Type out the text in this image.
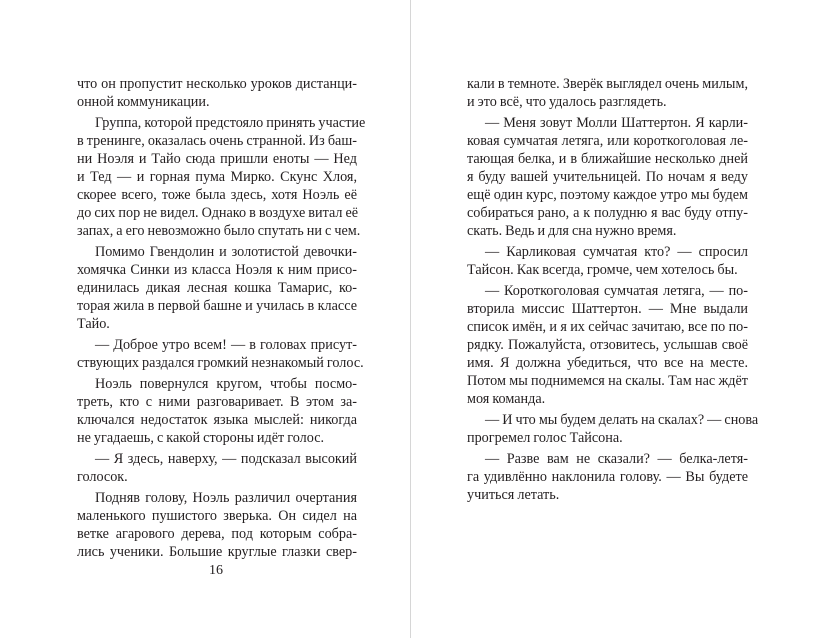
что он пропустит несколько уроков дистанци-
онной коммуникации.
Группа, которой предстояло принять участие
в тренинге, оказалась очень странной. Из баш-
ни Ноэля и Тайо сюда пришли еноты — Нед
и Тед — и горная пума Мирко. Скунс Хлоя,
скорее всего, тоже была здесь, хотя Ноэль её
до сих пор не видел. Однако в воздухе витал её
запах, а его невозможно было спутать ни с чем.
Помимо Гвендолин и золотистой девочки-
хомячка Синки из класса Ноэля к ним присо-
единилась дикая лесная кошка Тамарис, ко-
торая жила в первой башне и училась в классе
Тайо.
— Доброе утро всем! — в головах присут-
ствующих раздался громкий незнакомый голос.
Ноэль повернулся кругом, чтобы посмо-
треть, кто с ними разговаривает. В этом за-
ключался недостаток языка мыслей: никогда
не угадаешь, с какой стороны идёт голос.
— Я здесь, наверху, — подсказал высокий
голосок.
Подняв голову, Ноэль различил очертания
маленького пушистого зверька. Он сидел на
ветке агарового дерева, под которым собра-
лись ученики. Большие круглые глазки свер-
кали в темноте. Зверёк выглядел очень милым,
и это всё, что удалось разглядеть.
— Меня зовут Молли Шаттертон. Я карли-
ковая сумчатая летяга, или короткоголовая ле-
тающая белка, и в ближайшие несколько дней
я буду вашей учительницей. По ночам я веду
ещё один курс, поэтому каждое утро мы будем
собираться рано, а к полудню я вас буду отпу-
скать. Ведь и для сна нужно время.
— Карликовая сумчатая кто? — спросил
Тайсон. Как всегда, громче, чем хотелось бы.
— Короткоголовая сумчатая летяга, — по-
вторила миссис Шаттертон. — Мне выдали
список имён, и я их сейчас зачитаю, все по по-
рядку. Пожалуйста, отзовитесь, услышав своё
имя. Я должна убедиться, что все на месте.
Потом мы поднимемся на скалы. Там нас ждёт
моя команда.
— И что мы будем делать на скалах? — снова
прогремел голос Тайсона.
— Разве вам не сказали? — белка-летя-
га удивлённо наклонила голову. — Вы будете
учиться летать.
16
